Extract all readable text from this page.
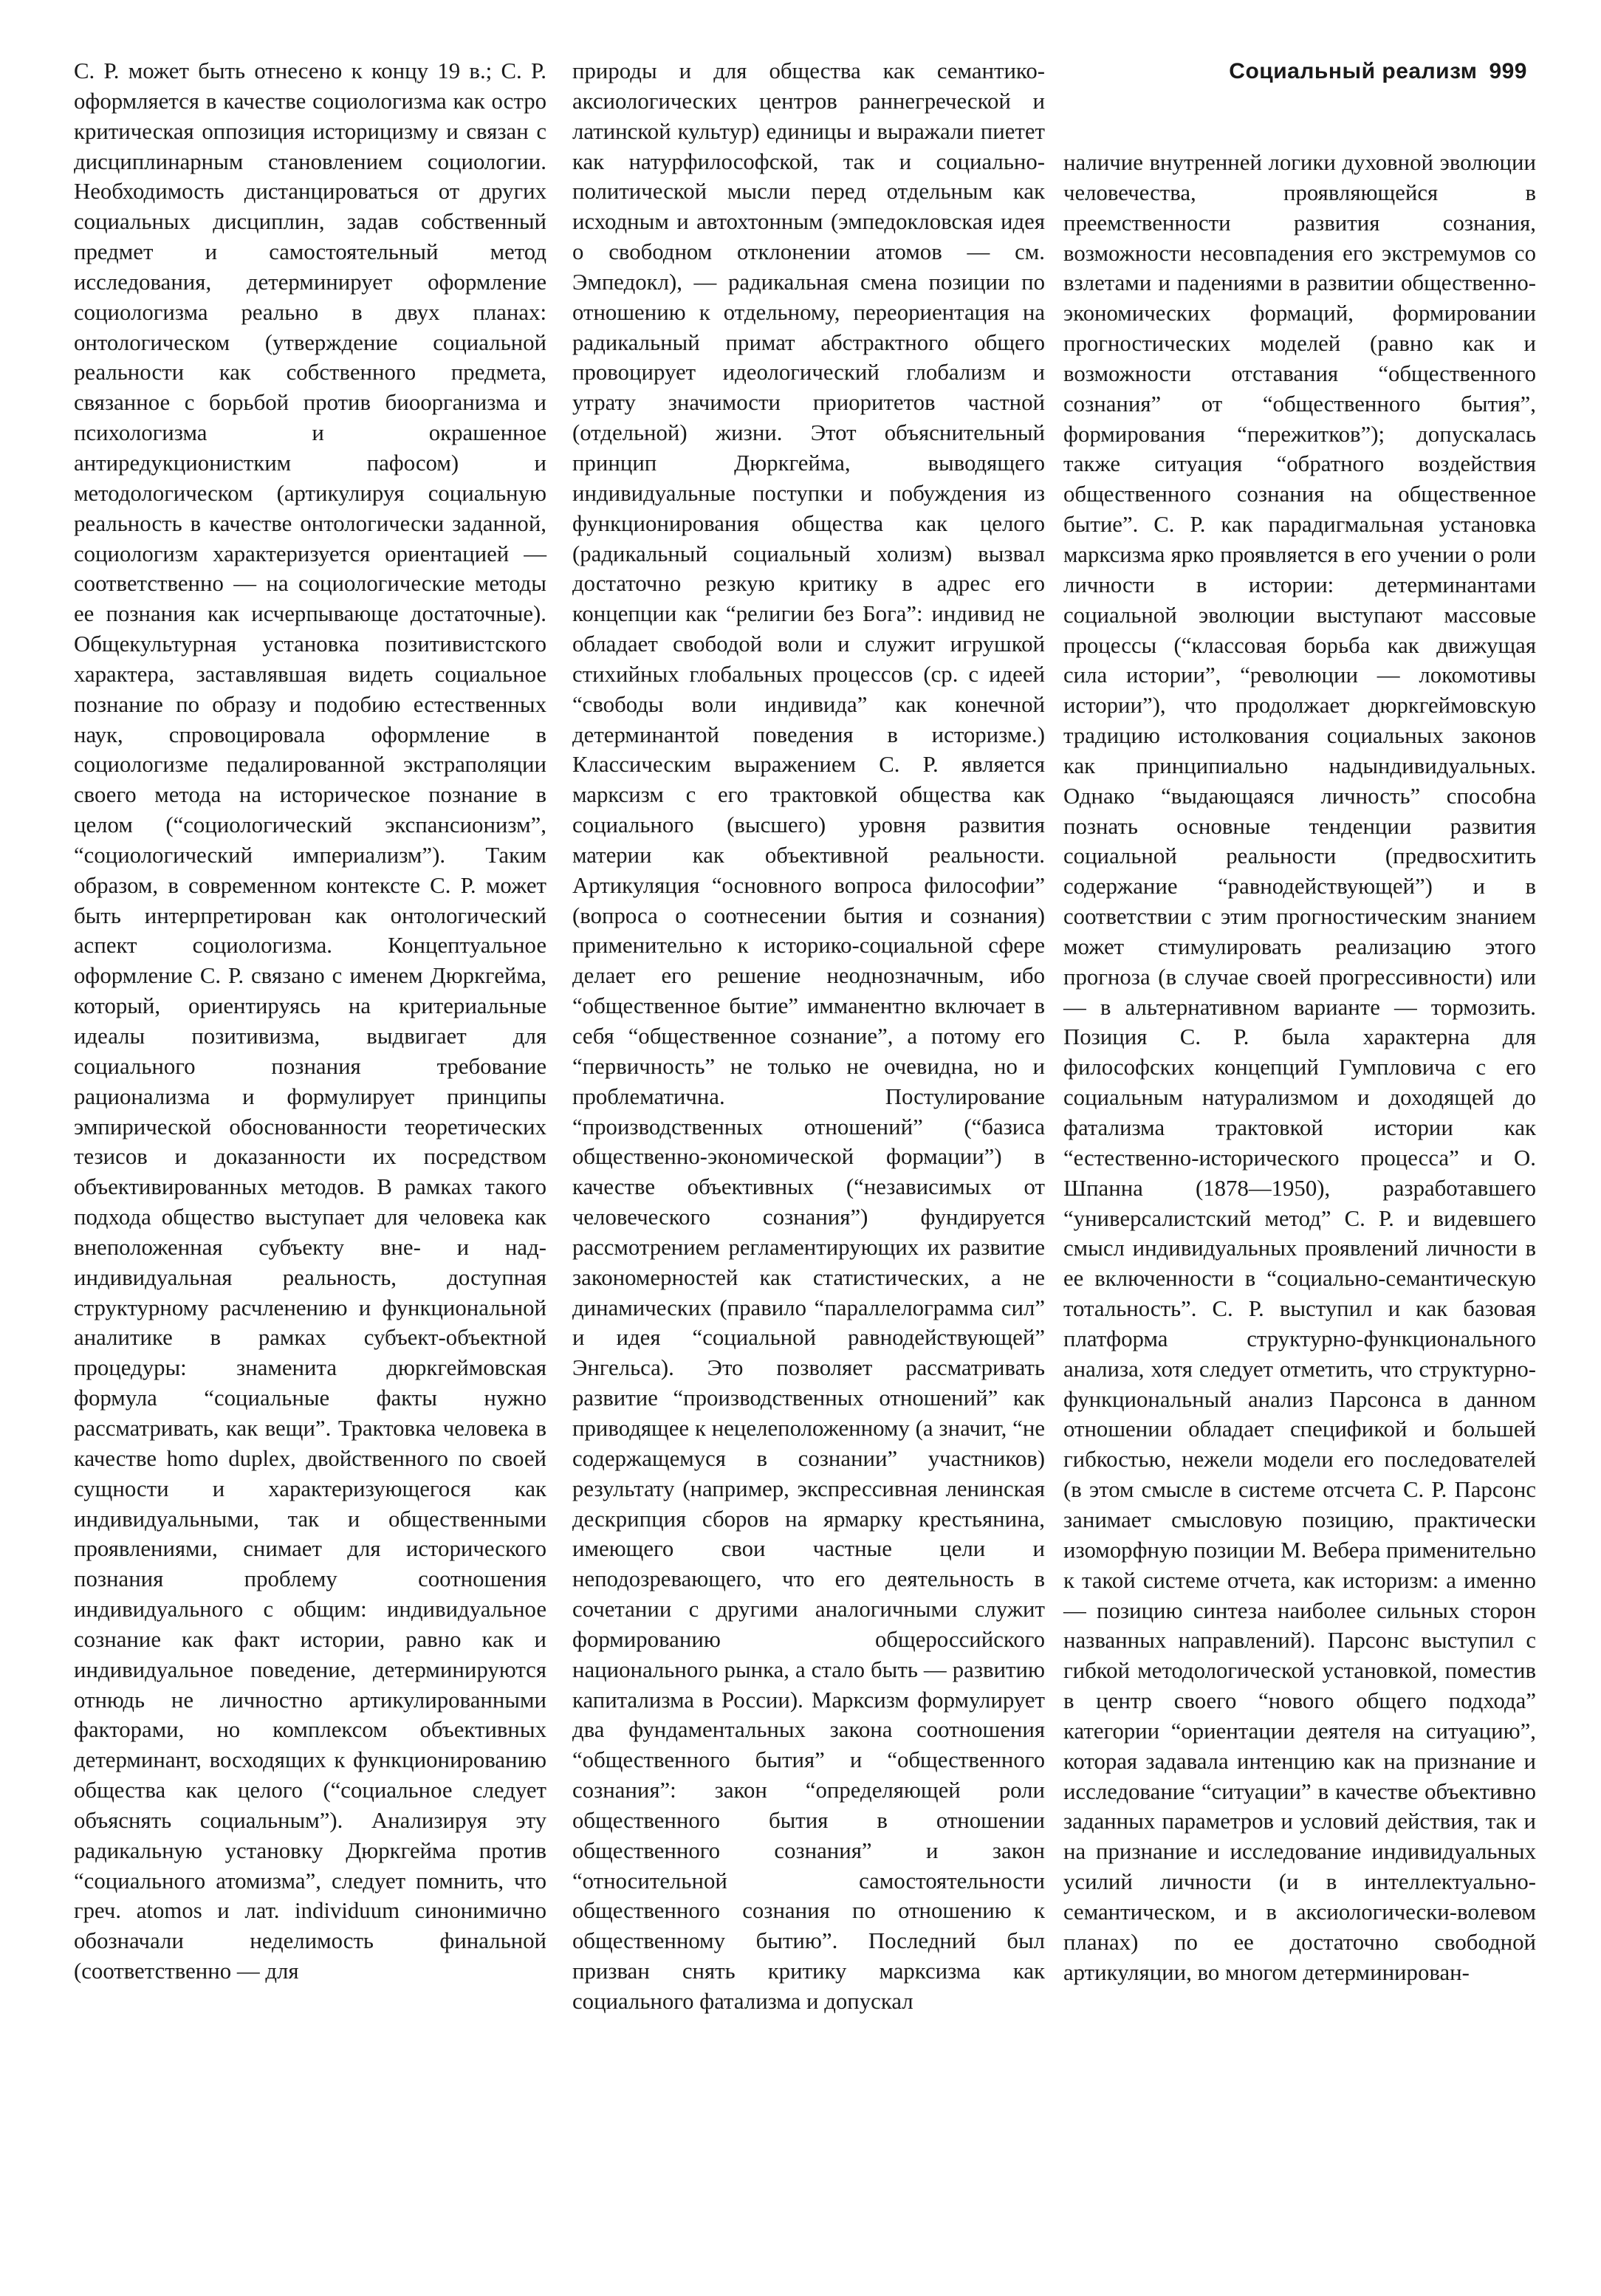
Социальный реализм 999

С. Р. может быть отнесено к концу 19 в.; С. Р. оформляется в качестве социологизма как остро критическая оппозиция историцизму и связан с дисциплинарным становлением социологии. Необходимость дистанцироваться от других социальных дисциплин, задав собственный предмет и самостоятельный метод исследования, детерминирует оформление социологизма реально в двух планах: онтологическом (утверждение социальной реальности как собственного предмета, связанное с борьбой против биоорганизма и психологизма и окрашенное антиредукционистким пафосом) и методологическом (артикулируя социальную реальность в качестве онтологически заданной, социологизм характеризуется ориентацией — соответственно — на социологические методы ее познания как исчерпывающе достаточные). Общекультурная установка позитивистского характера, заставлявшая видеть социальное познание по образу и подобию естественных наук, спровоцировала оформление в социологизме педалированной экстраполяции своего метода на историческое познание в целом (“социологический экспансионизм”, “социологический империализм”). Таким образом, в современном контексте С. Р. может быть интерпретирован как онтологический аспект социологизма. Концептуальное оформление С. Р. связано с именем Дюркгейма, который, ориентируясь на критериальные идеалы позитивизма, выдвигает для социального познания требование рационализма и формулирует принципы эмпирической обоснованности теоретических тезисов и доказанности их посредством объективированных методов. В рамках такого подхода общество выступает для человека как внеположенная субъекту вне- и над-индивидуальная реальность, доступная структурному расчленению и функциональной аналитике в рамках субъект-объектной процедуры: знаменита дюркгеймовская формула “социальные факты нужно рассматривать, как вещи”. Трактовка человека в качестве homo duplex, двойственного по своей сущности и характеризующегося как индивидуальными, так и общественными проявлениями, снимает для исторического познания проблему соотношения индивидуального с общим: индивидуальное сознание как факт истории, равно как и индивидуальное поведение, детерминируются отнюдь не личностно артикулированными факторами, но комплексом объективных детерминант, восходящих к функционированию общества как целого (“социальное следует объяснять социальным”). Анализируя эту радикальную установку Дюркгейма против “социального атомизма”, следует помнить, что греч. atomos и лат. individuum синонимично обозначали неделимость финальной (соответственно — для

природы и для общества как семантико-аксиологических центров раннегреческой и латинской культур) единицы и выражали пиетет как натурфилософской, так и социально-политической мысли перед отдельным как исходным и автохтонным (эмпедокловская идея о свободном отклонении атомов — см. Эмпедокл), — радикальная смена позиции по отношению к отдельному, переориентация на радикальный примат абстрактного общего провоцирует идеологический глобализм и утрату значимости приоритетов частной (отдельной) жизни. Этот объяснительный принцип Дюркгейма, выводящего индивидуальные поступки и побуждения из функционирования общества как целого (радикальный социальный холизм) вызвал достаточно резкую критику в адрес его концепции как “религии без Бога”: индивид не обладает свободой воли и служит игрушкой стихийных глобальных процессов (ср. с идеей “свободы воли индивида” как конечной детерминантой поведения в историзме.) Классическим выражением С. Р. является марксизм с его трактовкой общества как социального (высшего) уровня развития материи как объективной реальности. Артикуляция “основного вопроса философии” (вопроса о соотнесении бытия и сознания) применительно к историко-социальной сфере делает его решение неоднозначным, ибо “общественное бытие” имманентно включает в себя “общественное сознание”, а потому его “первичность” не только не очевидна, но и проблематична. Постулирование “производственных отношений” (“базиса общественно-экономической формации”) в качестве объективных (“независимых от человеческого сознания”) фундируется рассмотрением регламентирующих их развитие закономерностей как статистических, а не динамических (правило “параллелограмма сил” и идея “социальной равнодействующей” Энгельса). Это позволяет рассматривать развитие “производственных отношений” как приводящее к нецелеположенному (а значит, “не содержащемуся в сознании” участников) результату (например, экспрессивная ленинская дескрипция сборов на ярмарку крестьянина, имеющего свои частные цели и неподозревающего, что его деятельность в сочетании с другими аналогичными служит формированию общероссийского национального рынка, а стало быть — развитию капитализма в России). Марксизм формулирует два фундаментальных закона соотношения “общественного бытия” и “общественного сознания”: закон “определяющей роли общественного бытия в отношении общественного сознания” и закон “относительной самостоятельности общественного сознания по отношению к общественному бытию”. Последний был призван снять критику марксизма как социального фатализма и допускал

наличие внутренней логики духовной эволюции человечества, проявляющейся в преемственности развития сознания, возможности несовпадения его экстремумов со взлетами и падениями в развитии общественно-экономических формаций, формировании прогностических моделей (равно как и возможности отставания “общественного сознания” от “общественного бытия”, формирования “пережитков”); допускалась также ситуация “обратного воздействия общественного сознания на общественное бытие”. С. Р. как парадигмальная установка марксизма ярко проявляется в его учении о роли личности в истории: детерминантами социальной эволюции выступают массовые процессы (“классовая борьба как движущая сила истории”, “революции — локомотивы истории”), что продолжает дюркгеймовскую традицию истолкования социальных законов как принципиально надындивидуальных. Однако “выдающаяся личность” способна познать основные тенденции развития социальной реальности (предвосхитить содержание “равнодействующей”) и в соответствии с этим прогностическим знанием может стимулировать реализацию этого прогноза (в случае своей прогрессивности) или — в альтернативном варианте — тормозить. Позиция С. Р. была характерна для философских концепций Гумпловича с его социальным натурализмом и доходящей до фатализма трактовкой истории как “естественно-исторического процесса” и О. Шпанна (1878—1950), разработавшего “универсалистский метод” С. Р. и видевшего смысл индивидуальных проявлений личности в ее включенности в “социально-семантическую тотальность”. С. Р. выступил и как базовая платформа структурно-функционального анализа, хотя следует отметить, что структурно-функциональный анализ Парсонса в данном отношении обладает спецификой и большей гибкостью, нежели модели его последователей (в этом смысле в системе отсчета С. Р. Парсонс занимает смысловую позицию, практически изоморфную позиции М. Вебера применительно к такой системе отчета, как историзм: а именно — позицию синтеза наиболее сильных сторон названных направлений). Парсонс выступил с гибкой методологической установкой, поместив в центр своего “нового общего подхода” категории “ориентации деятеля на ситуацию”, которая задавала интенцию как на признание и исследование “ситуации” в качестве объективно заданных параметров и условий действия, так и на признание и исследование индивидуальных усилий личности (и в интеллектуально-семантическом, и в аксиологически-волевом планах) по ее достаточно свободной артикуляции, во многом детерминирован-
